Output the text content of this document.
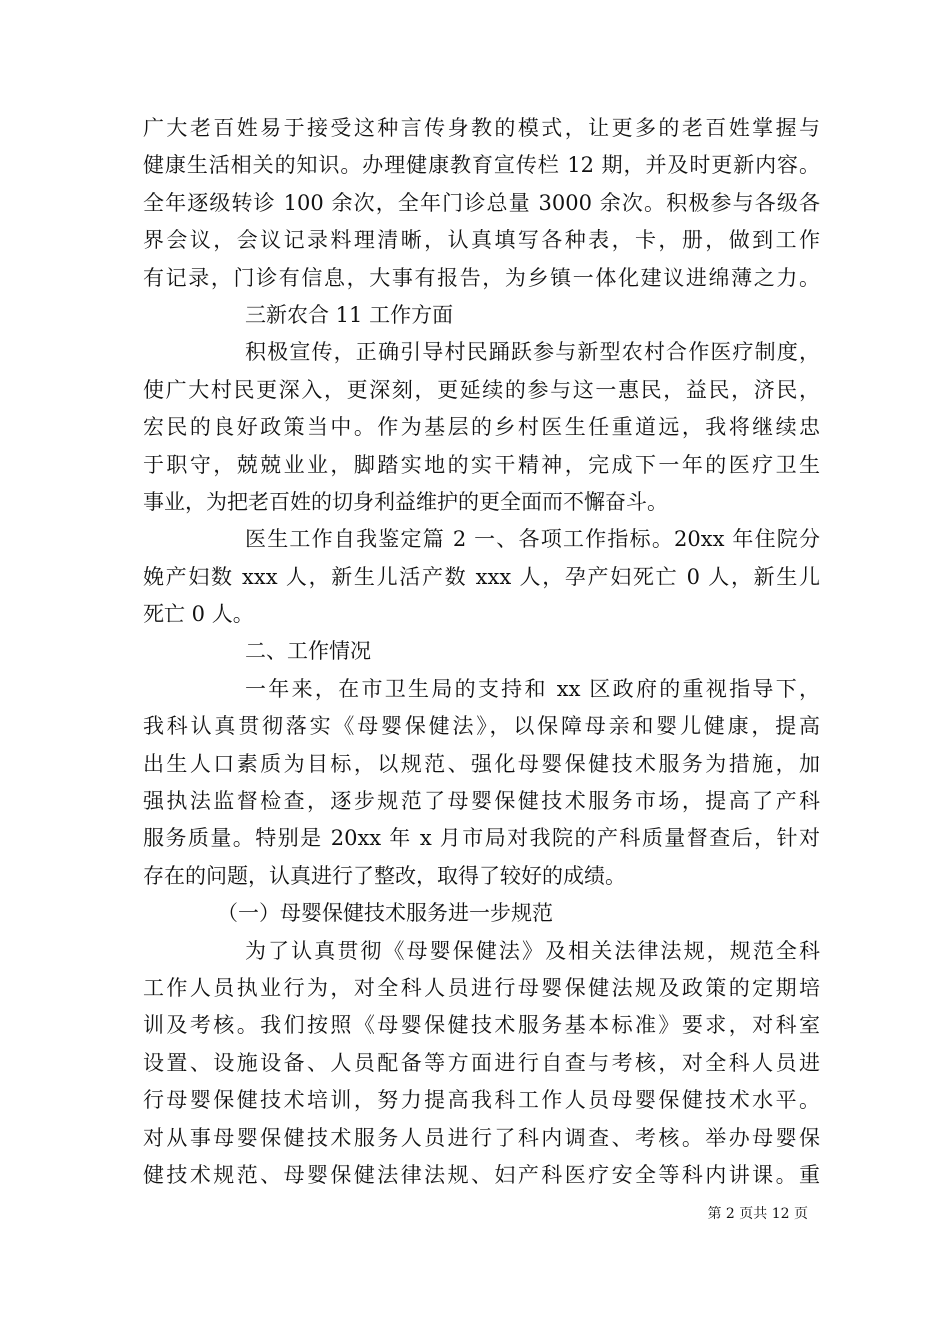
广大老百姓易于接受这种言传身教的模式，让更多的老百姓掌握与
健康生活相关的知识。办理健康教育宣传栏 12 期，并及时更新内容。
全年逐级转诊 100 余次，全年门诊总量 3000 余次。积极参与各级各
界会议，会议记录料理清晰，认真填写各种表，卡，册，做到工作
有记录，门诊有信息，大事有报告，为乡镇一体化建议进绵薄之力。
三新农合 11 工作方面
积极宣传，正确引导村民踊跃参与新型农村合作医疗制度，
使广大村民更深入，更深刻，更延续的参与这一惠民，益民，济民，
宏民的良好政策当中。作为基层的乡村医生任重道远，我将继续忠
于职守，兢兢业业，脚踏实地的实干精神，完成下一年的医疗卫生
事业，为把老百姓的切身利益维护的更全面而不懈奋斗。
医生工作自我鉴定篇 2 一、各项工作指标。20xx 年住院分
娩产妇数 xxx 人，新生儿活产数 xxx 人，孕产妇死亡 0 人，新生儿
死亡 0 人。
二、工作情况
一年来，在市卫生局的支持和 xx 区政府的重视指导下，
我科认真贯彻落实《母婴保健法》，以保障母亲和婴儿健康，提高
出生人口素质为目标，以规范、强化母婴保健技术服务为措施，加
强执法监督检查，逐步规范了母婴保健技术服务市场，提高了产科
服务质量。特别是 20xx 年 x 月市局对我院的产科质量督查后，针对
存在的问题，认真进行了整改，取得了较好的成绩。
（一）母婴保健技术服务进一步规范
为了认真贯彻《母婴保健法》及相关法律法规，规范全科
工作人员执业行为，对全科人员进行母婴保健法规及政策的定期培
训及考核。我们按照《母婴保健技术服务基本标准》要求，对科室
设置、设施设备、人员配备等方面进行自查与考核，对全科人员进
行母婴保健技术培训，努力提高我科工作人员母婴保健技术水平。
对从事母婴保健技术服务人员进行了科内调查、考核。举办母婴保
健技术规范、母婴保健法律法规、妇产科医疗安全等科内讲课。重
第 2 页共 12 页
